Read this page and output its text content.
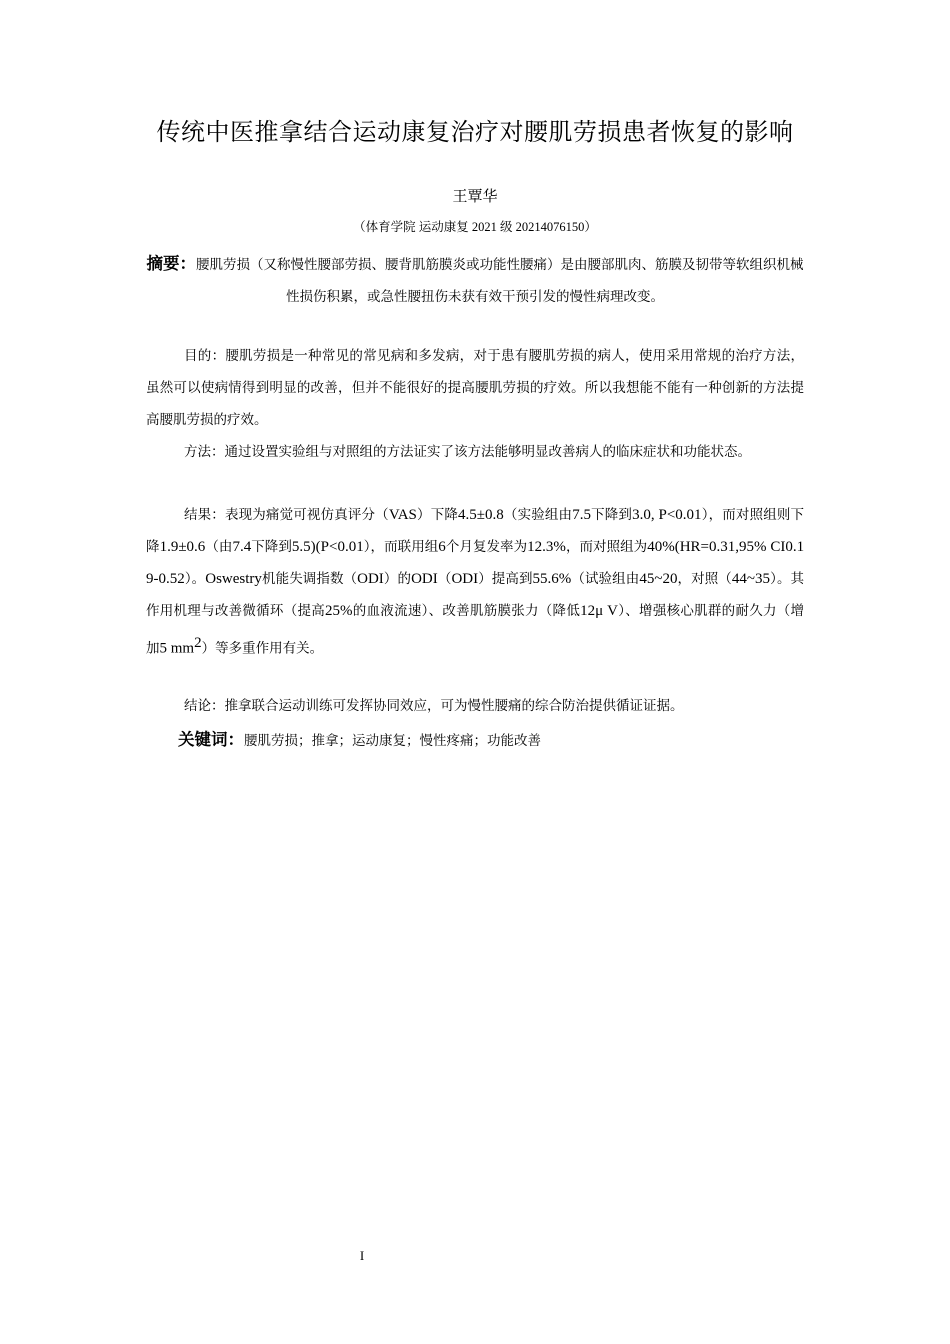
传统中医推拿结合运动康复治疗对腰肌劳损患者恢复的影响
王覃华
（体育学院 运动康复 2021 级 20214076150）
摘要：腰肌劳损（又称慢性腰部劳损、腰背肌筋膜炎或功能性腰痛）是由腰部肌肉、筋膜及韧带等软组织机械性损伤积累，或急性腰扭伤未获有效干预引发的慢性病理改变。
目的：腰肌劳损是一种常见的常见病和多发病，对于患有腰肌劳损的病人，使用采用常规的治疗方法，虽然可以使病情得到明显的改善，但并不能很好的提高腰肌劳损的疗效。所以我想能不能有一种创新的方法提高腰肌劳损的疗效。
方法：通过设置实验组与对照组的方法证实了该方法能够明显改善病人的临床症状和功能状态。
结果：表现为痛觉可视仿真评分（VAS）下降4.5±0.8（实验组由7.5下降到3.0, P<0.01），而对照组则下降1.9±0.6（由7.4下降到5.5)(P<0.01），而联用组6个月复发率为12.3%，而对照组为40%(HR=0.31,95% CI0.19-0.52）。Oswestry机能失调指数（ODI）的ODI（ODI）提高到55.6%（试验组由45~20，对照（44~35）。其作用机理与改善微循环（提高25%的血液流速）、改善肌筋膜张力（降低12μ V）、增强核心肌群的耐久力（增加5 $mm^2$）等多重作用有关。
结论：推拿联合运动训练可发挥协同效应，可为慢性腰痛的综合防治提供循证证据。
关键词：腰肌劳损；推拿；运动康复；慢性疼痛；功能改善
I
